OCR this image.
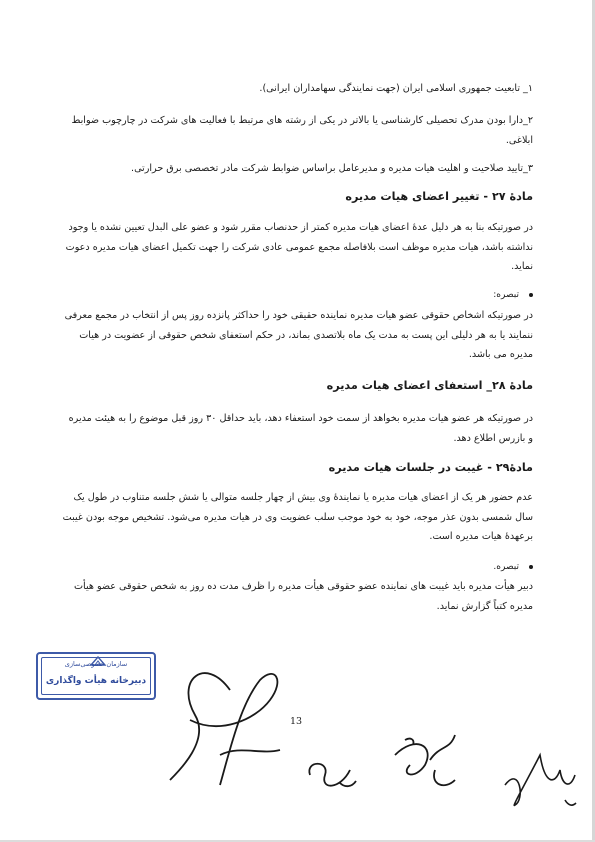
۱_ تابعیت جمهوری اسلامی ایران (جهت نمایندگی سهامداران ایرانی).
۲_دارا بودن مدرک تحصیلی کارشناسی یا بالاتر در یکی از رشته های مرتبط با فعالیت های شرکت در چارچوب ضوابط ابلاغی.
۳_تایید صلاحیت و اهلیت هیات مدیره و مدیرعامل براساس ضوابط شرکت مادر تخصصی برق حرارتی.
مادۀ ۲۷ - تغییر اعضای هیات مدیره
در صورتیکه بنا به هر دلیل عدۀ اعضای هیات مدیره کمتر از حدنصاب مقرر شود و عضو علی البدل تعیین نشده یا وجود نداشته باشد، هیات مدیره موظف است بلافاصله مجمع عمومی عادی شرکت را جهت تکمیل اعضای هیات مدیره دعوت نماید.
تبصره:
در صورتیکه اشخاص حقوقی عضو هیات مدیره نماینده حقیقی خود را حداکثر پانزده روز پس از انتخاب در مجمع معرفی ننمایند یا به هر دلیلی این پست به مدت یک ماه بلاتصدی بماند، در حکم استعفای شخص حقوقی از عضویت در هیات مدیره می باشد.
مادۀ ۲۸_ استعفای اعضای هیات مدیره
در صورتیکه هر عضو هیات مدیره بخواهد از سمت خود استعفاء دهد، باید حداقل ۳۰ روز قبل موضوع را به هیئت مدیره و بازرس اطلاع دهد.
مادۀ۲۹ - غیبت در جلسات هیات مدیره
عدم حضور هر یک از اعضای هیات مدیره یا نمایندۀ وی بیش از چهار جلسه متوالی یا شش جلسه متناوب در طول یک سال شمسی بدون عذر موجه، خود به خود موجب سلب عضویت وی در هیات مدیره می‌شود. تشخیص موجه بودن غیبت برعهدۀ هیات مدیره است.
تبصره.
دبیر هیأت مدیره باید غیبت های نماینده عضو حقوقی هیأت مدیره را ظرف مدت ده روز به شخص حقوقی عضو هیأت مدیره کتباً گزارش نماید.
سازمان خصوصی‌سازی
دبیرخانه هیأت واگذاری
13
